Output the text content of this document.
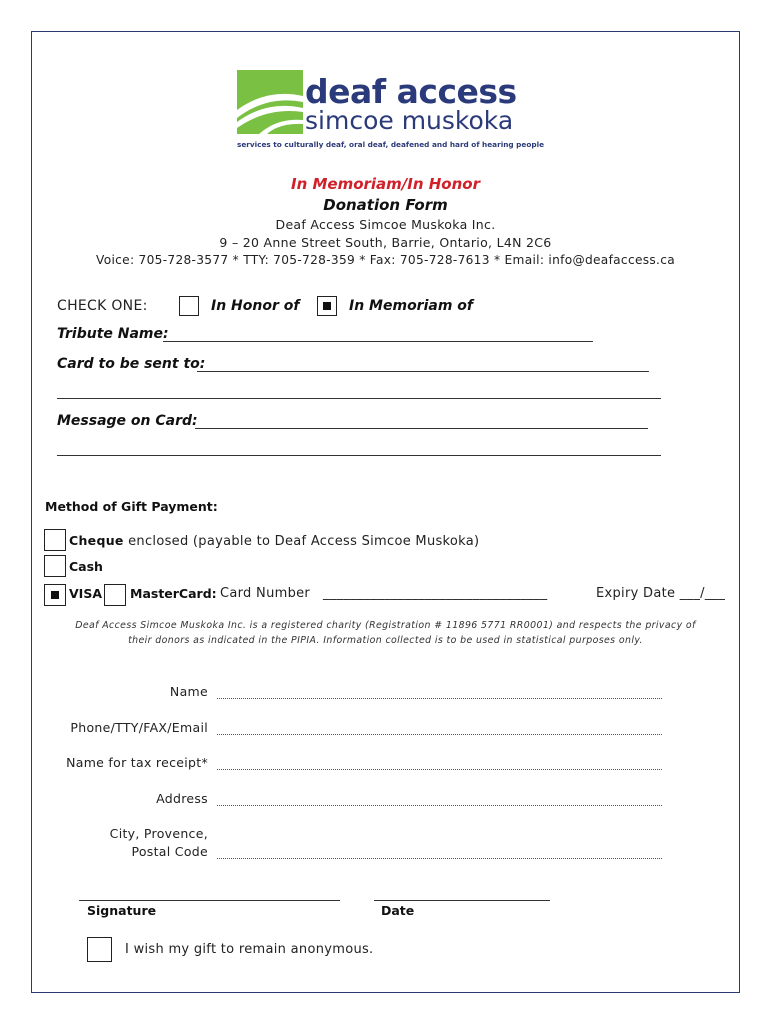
deaf access
simcoe muskoka
services to culturally deaf, oral deaf, deafened and hard of hearing people
In Memoriam/In Honor
Donation Form
Deaf Access Simcoe Muskoka Inc.
9 – 20 Anne Street South, Barrie, Ontario, L4N 2C6
Voice: 705-728-3577 * TTY: 705-728-359 * Fax: 705-728-7613 * Email: info@deafaccess.ca
CHECK ONE:	In Honor of	In Memoriam of
Tribute Name:
Card to be sent to:
Message on Card:
Method of Gift Payment:
Cheque enclosed (payable to Deaf Access Simcoe Muskoka)
Cash
VISA MasterCard: Card Number _________________________________	Expiry Date ___/___
Deaf Access Simcoe Muskoka Inc. is a registered charity (Registration # 11896 5771 RR0001) and respects the privacy of
their donors as indicated in the PIPIA. Information collected is to be used in statistical purposes only.
Name
Phone/TTY/FAX/Email
Name for tax receipt*
Address
City, Provence,
Postal Code
Signature	Date
I wish my gift to remain anonymous.
